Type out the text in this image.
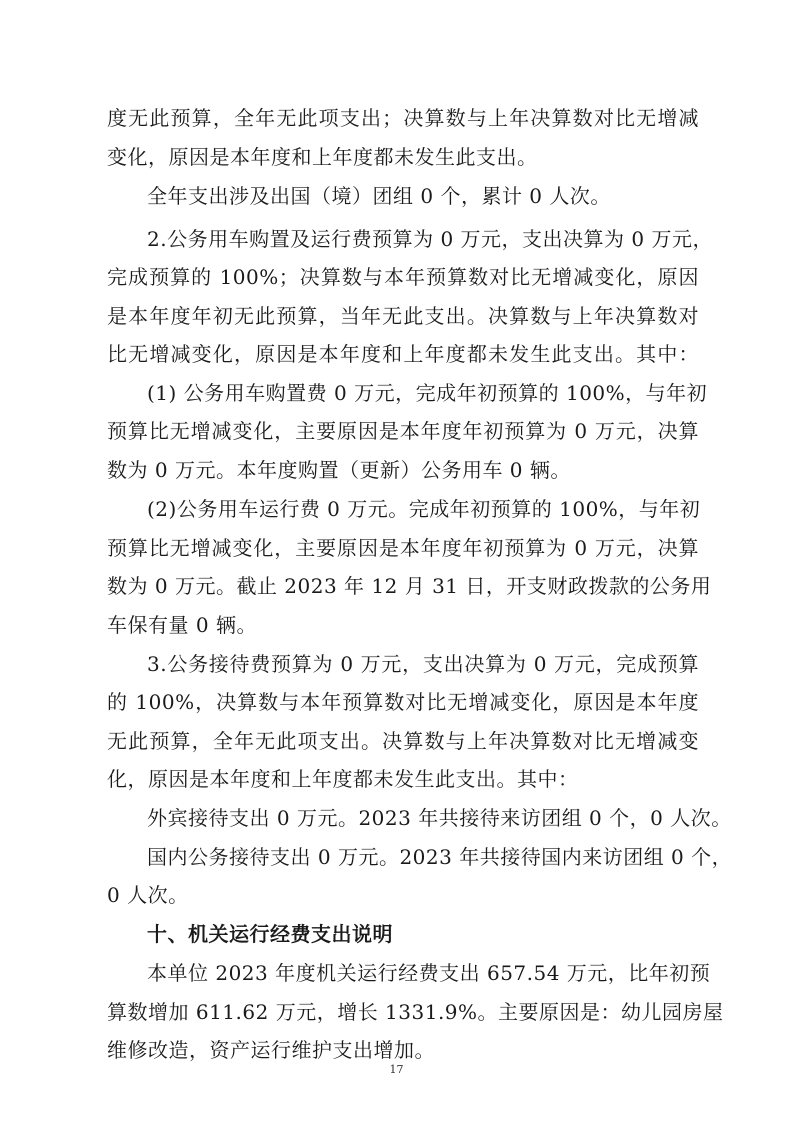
度无此预算，全年无此项支出；决算数与上年决算数对比无增减
变化，原因是本年度和上年度都未发生此支出。
全年支出涉及出国（境）团组 0 个，累计 0 人次。
2.公务用车购置及运行费预算为 0 万元，支出决算为 0 万元，
完成预算的 100%；决算数与本年预算数对比无增减变化，原因
是本年度年初无此预算，当年无此支出。决算数与上年决算数对
比无增减变化，原因是本年度和上年度都未发生此支出。其中：
(1) 公务用车购置费 0 万元，完成年初预算的 100%，与年初
预算比无增减变化，主要原因是本年度年初预算为 0 万元，决算
数为 0 万元。本年度购置（更新）公务用车 0 辆。
(2)公务用车运行费 0 万元。完成年初预算的 100%，与年初
预算比无增减变化，主要原因是本年度年初预算为 0 万元，决算
数为 0 万元。截止 2023 年 12 月 31 日，开支财政拨款的公务用
车保有量 0 辆。
3.公务接待费预算为 0 万元，支出决算为 0 万元，完成预算
的 100%，决算数与本年预算数对比无增减变化，原因是本年度
无此预算，全年无此项支出。决算数与上年决算数对比无增减变
化，原因是本年度和上年度都未发生此支出。其中：
外宾接待支出 0 万元。2023 年共接待来访团组 0 个，0 人次。
国内公务接待支出 0 万元。2023 年共接待国内来访团组 0 个，
0 人次。
十、机关运行经费支出说明
本单位 2023 年度机关运行经费支出 657.54 万元，比年初预
算数增加 611.62 万元，增长 1331.9%。主要原因是：幼儿园房屋
维修改造，资产运行维护支出增加。
17
